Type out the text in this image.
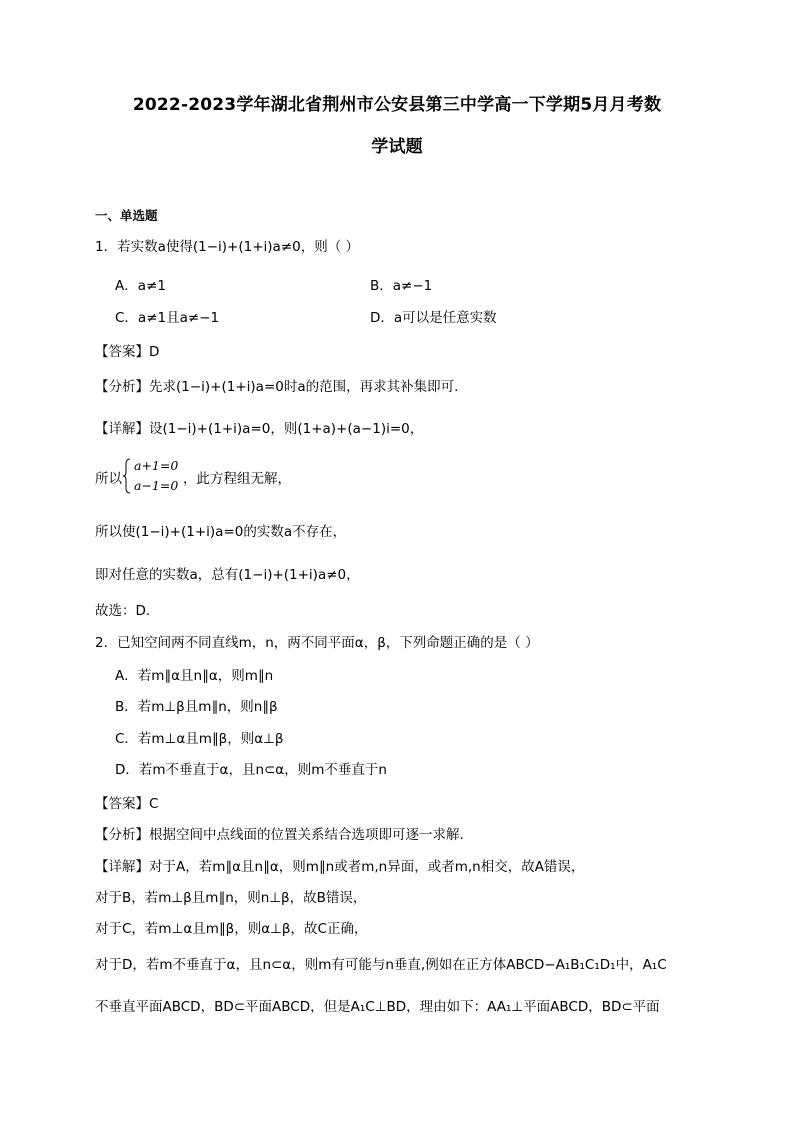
2022-2023学年湖北省荆州市公安县第三中学高一下学期5月月考数
学试题
一、单选题
1．若实数a使得(1−i)+(1+i)a≠0，则（ ）
A．a≠1	B．a≠−1
C．a≠1且a≠−1	D．a可以是任意实数
【答案】D
【分析】先求(1−i)+(1+i)a=0时a的范围，再求其补集即可.
【详解】设(1−i)+(1+i)a=0，则(1+a)+(a−1)i=0，
所以
a+1=0
a−1=0 ，此方程组无解，
所以使(1−i)+(1+i)a=0的实数a不存在，
即对任意的实数a，总有(1−i)+(1+i)a≠0，
故选：D.
2．已知空间两不同直线m，n，两不同平面α，β，下列命题正确的是（ ）
A．若m∥α且n∥α，则m∥n
B．若m⊥β且m∥n，则n∥β
C．若m⊥α且m∥β，则α⊥β
D．若m不垂直于α，且n⊂α，则m不垂直于n
【答案】C
【分析】根据空间中点线面的位置关系结合选项即可逐一求解.
【详解】对于A，若m∥α且n∥α，则m∥n或者m,n异面，或者m,n相交，故A错误，
对于B，若m⊥β且m∥n，则n⊥β，故B错误，
对于C，若m⊥α且m∥β，则α⊥β，故C正确，
对于D，若m不垂直于α，且n⊂α，则m有可能与n垂直,例如在正方体ABCD−A₁B₁C₁D₁中，A₁C
不垂直平面ABCD，BD⊂平面ABCD，但是A₁C⊥BD，理由如下：AA₁⊥平面ABCD，BD⊂平面
